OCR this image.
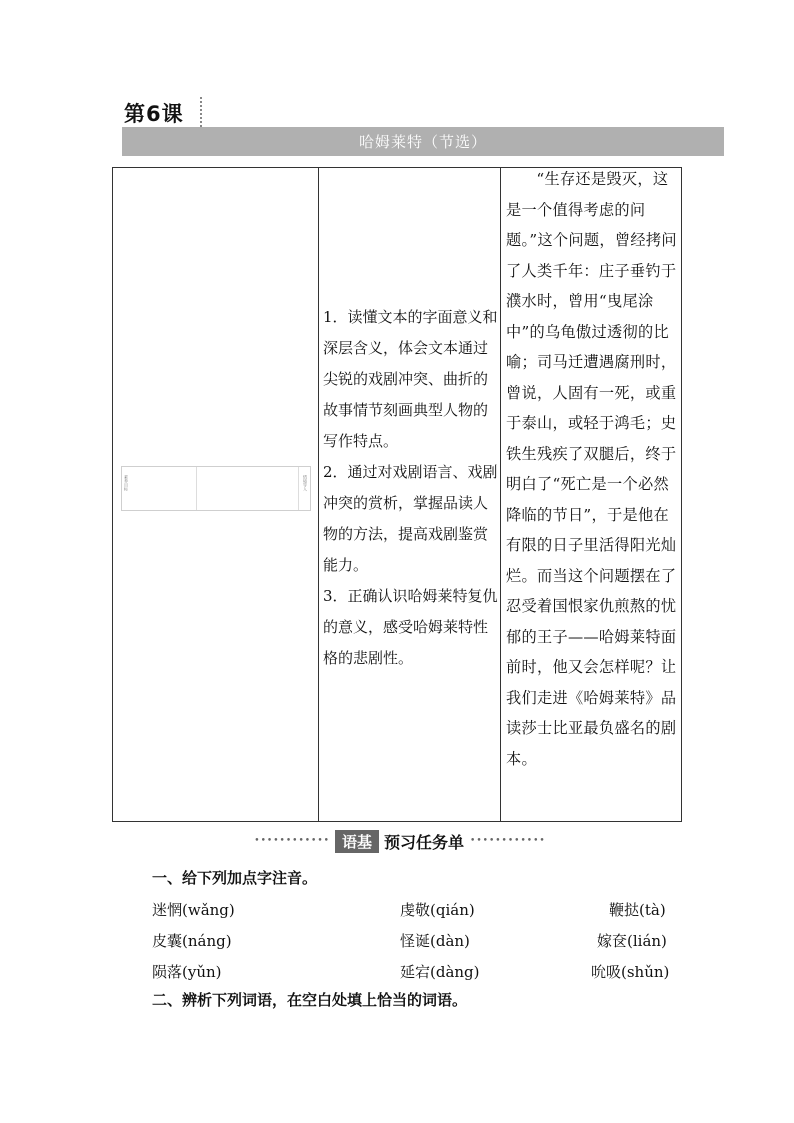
第6课
哈姆莱特（节选）
素养目标	情境导入

1．读懂文本的字面意义和深层含义，体会文本通过尖锐的戏剧冲突、曲折的故事情节刻画典型人物的写作特点。

2．通过对戏剧语言、戏剧冲突的赏析，掌握品读人物的方法，提高戏剧鉴赏能力。

3．正确认识哈姆莱特复仇的意义，感受哈姆莱特性格的悲剧性。

“生存还是毁灭，这是一个值得考虑的问题。”这个问题，曾经拷问了人类千年：庄子垂钓于濮水时，曾用“曳尾涂中”的乌龟傲过透彻的比喻；司马迁遭遇腐刑时，曾说，人固有一死，或重于泰山，或轻于鸿毛；史铁生残疾了双腿后，终于明白了“死亡是一个必然降临的节日”，于是他在有限的日子里活得阳光灿烂。而当这个问题摆在了忍受着国恨家仇煎熬的忧郁的王子——哈姆莱特面前时，他又会怎样呢？让我们走进《哈姆莱特》品读莎士比亚最负盛名的剧本。

•••••••••••• 语基 预习任务单 ••••••••••••
一、给下列加点字注音。
迷惘(wǎng)	虔敬(qián)	鞭挞(tà)
皮囊(náng)	怪诞(dàn)	嫁奁(lián)
陨落(yǔn)	延宕(dàng)	吮吸(shǔn)
二、辨析下列词语，在空白处填上恰当的词语。
